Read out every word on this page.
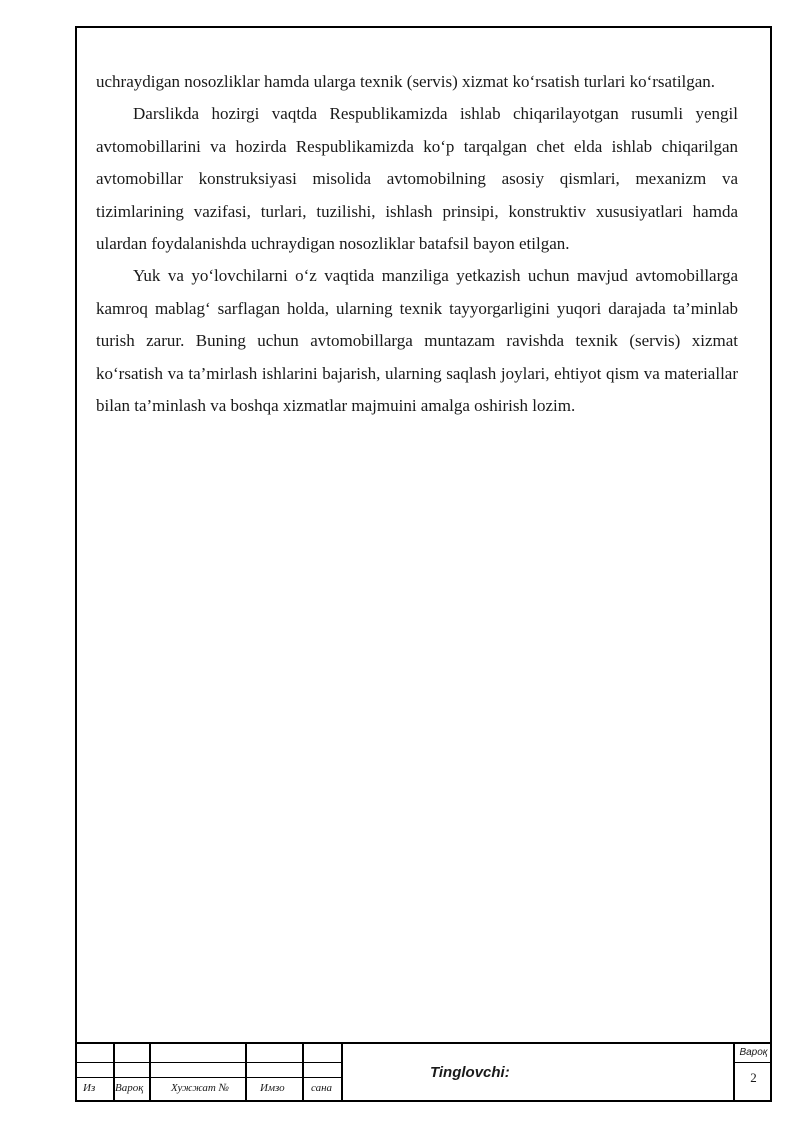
uchraydigan nosozliklar hamda ularga texnik (servis) xizmat ko‘rsatish turlari ko‘rsatilgan.

Darslikda hozirgi vaqtda Respublikamizda ishlab chiqarilayotgan rusumli yengil avtomobillarini va hozirda Respublikamizda ko‘p tarqalgan chet elda ishlab chiqarilgan avtomobillar konstruksiyasi misolida avtomobilning asosiy qismlari, mexanizm va tizimlarining vazifasi, turlari, tuzilishi, ishlash prinsipi, konstruktiv xususiyatlari hamda ulardan foydalanishda uchraydigan nosozliklar batafsil bayon etilgan.

Yuk va yo‘lovchilarni o‘z vaqtida manziliga yetkazish uchun mavjud avtomobillarga kamroq mablag‘ sarflagan holda, ularning texnik tayyorgarligini yuqori darajada ta’minlab turish zarur. Buning uchun avtomobillarga muntazam ravishda texnik (servis) xizmat ko‘rsatish va ta’mirlash ishlarini bajarish, ularning saqlash joylari, ehtiyot qism va materiallar bilan ta’minlash va boshqa xizmatlar majmuini amalga oshirish lozim.

Из Варoқ	Хужжат №	Имзо сана
Tinglovchi:
Варoқ
2
